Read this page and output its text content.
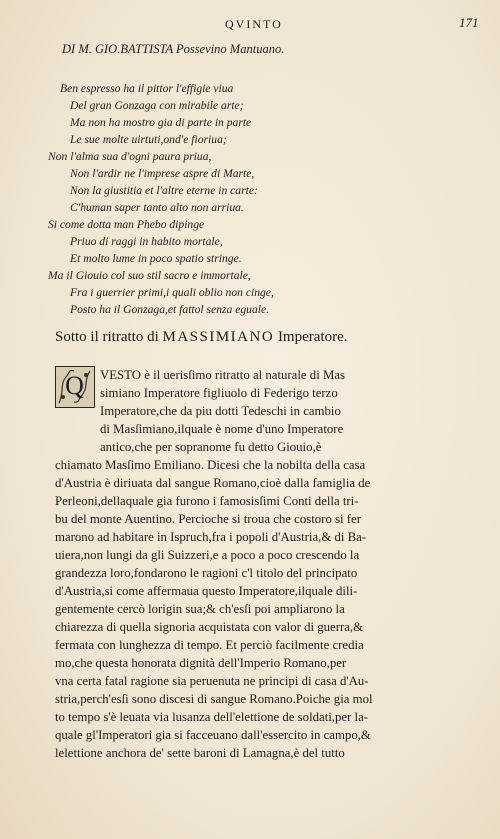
QVINTO	171
DI M. GIO.BATTISTA Possevino Mantuano.
Ben espresso ha il pittor l'effigie viua
Del gran Gonzaga con mirabile arte;
Ma non ha mostro gia di parte in parte
Le sue molte uirtuti,ond'e fioriua;
Non l'alma sua d'ogni paura priua,
Non l'ardir ne l'imprese aspre di Marte,
Non la giustitia et l'altre eterne in carte:
C'human saper tanto alto non arriua.
Si come dotta man Phebo dipinge
Priuo di raggi in habito mortale,
Et molto lume in poco spatio stringe.
Ma il Giouio col suo stil sacro e immortale,
Fra i guerrier primi,i quali oblio non cinge,
Posto ha il Gonzaga,et fattol senza eguale.
Sotto il ritratto di MASSIMIANO Imperatore.
Q VESTO è il uerisſimo ritratto al naturale di Mas
simiano Imperatore figliuolo di Federigo terzo
Imperatore,che da piu dotti Tedeschi in cambio
di Masſimiano,ilquale è nome d'uno Imperatore
antico,che per sopranome fu detto Giouio,è
chiamato Masſimo Emiliano. Dicesi che la nobilta della casa
d'Austria è diriuata dal sangue Romano,cioè dalla famiglia de
Perleoni,dellaquale gia furono i famosisſimi Conti della tri-
bu del monte Auentino. Percioche si troua che costoro si fer
marono ad habitare in Ispruch,fra i popoli d'Austria,& di Ba-
uiera,non lungi da gli Suizzeri,e a poco a poco crescendo la
grandezza loro,fondarono le ragioni c'l titolo del principato
d'Austria,si come affermaua questo Imperatore,ilquale dili-
gentemente cercò lorigin sua;& ch'esſi poi ampliarono la
chiarezza di quella signoria acquistata con valor di guerra,&
fermata con lunghezza di tempo. Et perciò facilmente credia
mo,che questa honorata dignità dell'Imperio Romano,per
vna certa fatal ragione sia peruenuta ne principi di casa d'Au-
stria,perch'esſi sono discesi di sangue Romano.Poiche gia mol
to tempo s'è leuata via lusanza dell'elettione de soldati,per la-
quale gl'Imperatori gia si facceuano dall'essercito in campo,&
lelettione anchora de' sette baroni di Lamagna,è del tutto
